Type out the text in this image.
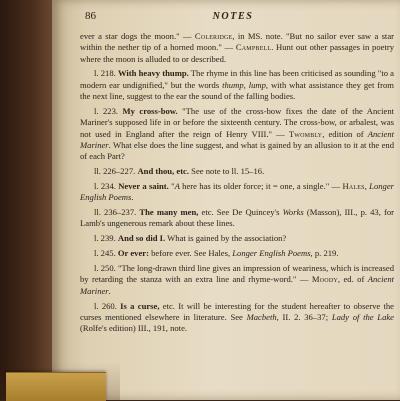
86	NOTES

ever a star dogs the moon." — Coleridge, in MS. note. "But no sailor ever saw a star within the nether tip of a horned moon." — Campbell. Hunt out other passages in poetry where the moon is alluded to or described.

l. 218. With heavy thump. The rhyme in this line has been criticised as sounding "to a modern ear undignified," but the words thump, lump, with what assistance they get from the next line, suggest to the ear the sound of the falling bodies.

l. 223. My cross-bow. "The use of the cross-bow fixes the date of the Ancient Mariner's supposed life in or before the sixteenth century. The cross-bow, or arbalest, was not used in England after the reign of Henry VIII." — Twombly, edition of Ancient Mariner. What else does the line suggest, and what is gained by an allusion to it at the end of each Part?

ll. 226–227. And thou, etc. See note to ll. 15–16.

l. 234. Never a saint. "A here has its older force; it = one, a single." — Hales, Longer English Poems.

ll. 236–237. The many men, etc. See De Quincey's Works (Masson), III., p. 43, for Lamb's ungenerous remark about these lines.

l. 239. And so did I. What is gained by the association?

l. 245. Or ever: before ever. See Hales, Longer English Poems, p. 219.

l. 250. "The long-drawn third line gives an impression of weariness, which is increased by retarding the stanza with an extra line and rhyme-word." — Moody, ed. of Ancient Mariner.

l. 260. Is a curse, etc. It will be interesting for the student hereafter to observe the curses mentioned elsewhere in literature. See Macbeth, II. 2. 36–37; Lady of the Lake (Rolfe's edition) III., 191, note.
